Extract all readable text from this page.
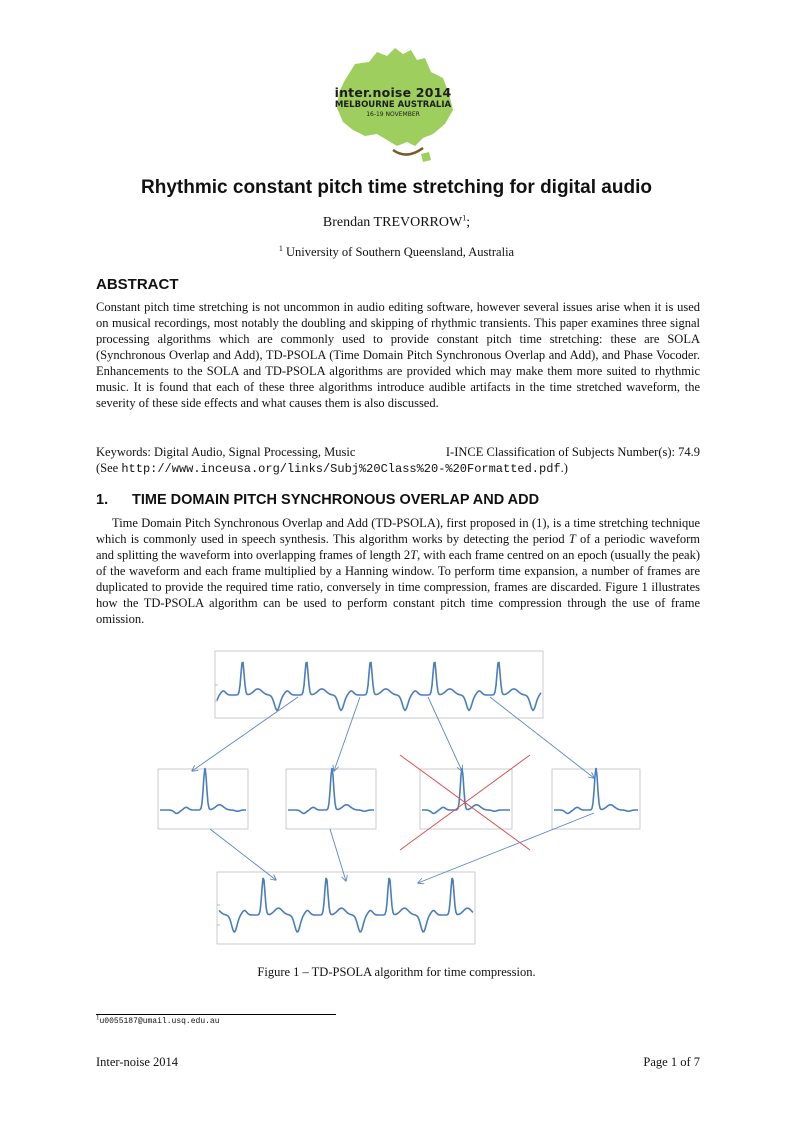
inter.noise 2014
MELBOURNE AUSTRALIA
16-19 NOVEMBER
Rhythmic constant pitch time stretching for digital audio
Brendan TREVORROW$^1$;
$^1$ University of Southern Queensland, Australia
ABSTRACT
Constant pitch time stretching is not uncommon in audio editing software, however several issues arise when it is used on musical recordings, most notably the doubling and skipping of rhythmic transients. This paper examines three signal processing algorithms which are commonly used to provide constant pitch time stretching: these are SOLA (Synchronous Overlap and Add), TD-PSOLA (Time Domain Pitch Synchronous Overlap and Add), and Phase Vocoder. Enhancements to the SOLA and TD-PSOLA algorithms are provided which may make them more suited to rhythmic music. It is found that each of these three algorithms introduce audible artifacts in the time stretched waveform, the severity of these side effects and what causes them is also discussed.
Keywords: Digital Audio, Signal Processing, Music	I-INCE Classification of Subjects Number(s): 74.9
(See http://www.inceusa.org/links/Subj%20Class%20-%20Formatted.pdf.)
1. TIME DOMAIN PITCH SYNCHRONOUS OVERLAP AND ADD
Time Domain Pitch Synchronous Overlap and Add (TD-PSOLA), first proposed in (1), is a time stretching technique which is commonly used in speech synthesis. This algorithm works by detecting the period T of a periodic waveform and splitting the waveform into overlapping frames of length 2T, with each frame centred on an epoch (usually the peak) of the waveform and each frame multiplied by a Hanning window. To perform time expansion, a number of frames are duplicated to provide the required time ratio, conversely in time compression, frames are discarded. Figure 1 illustrates how the TD-PSOLA algorithm can be used to perform constant pitch time compression through the use of frame omission.
Figure 1 – TD-PSOLA algorithm for time compression.
$^1$u0055187@umail.usq.edu.au
Inter-noise 2014	Page 1 of 7
